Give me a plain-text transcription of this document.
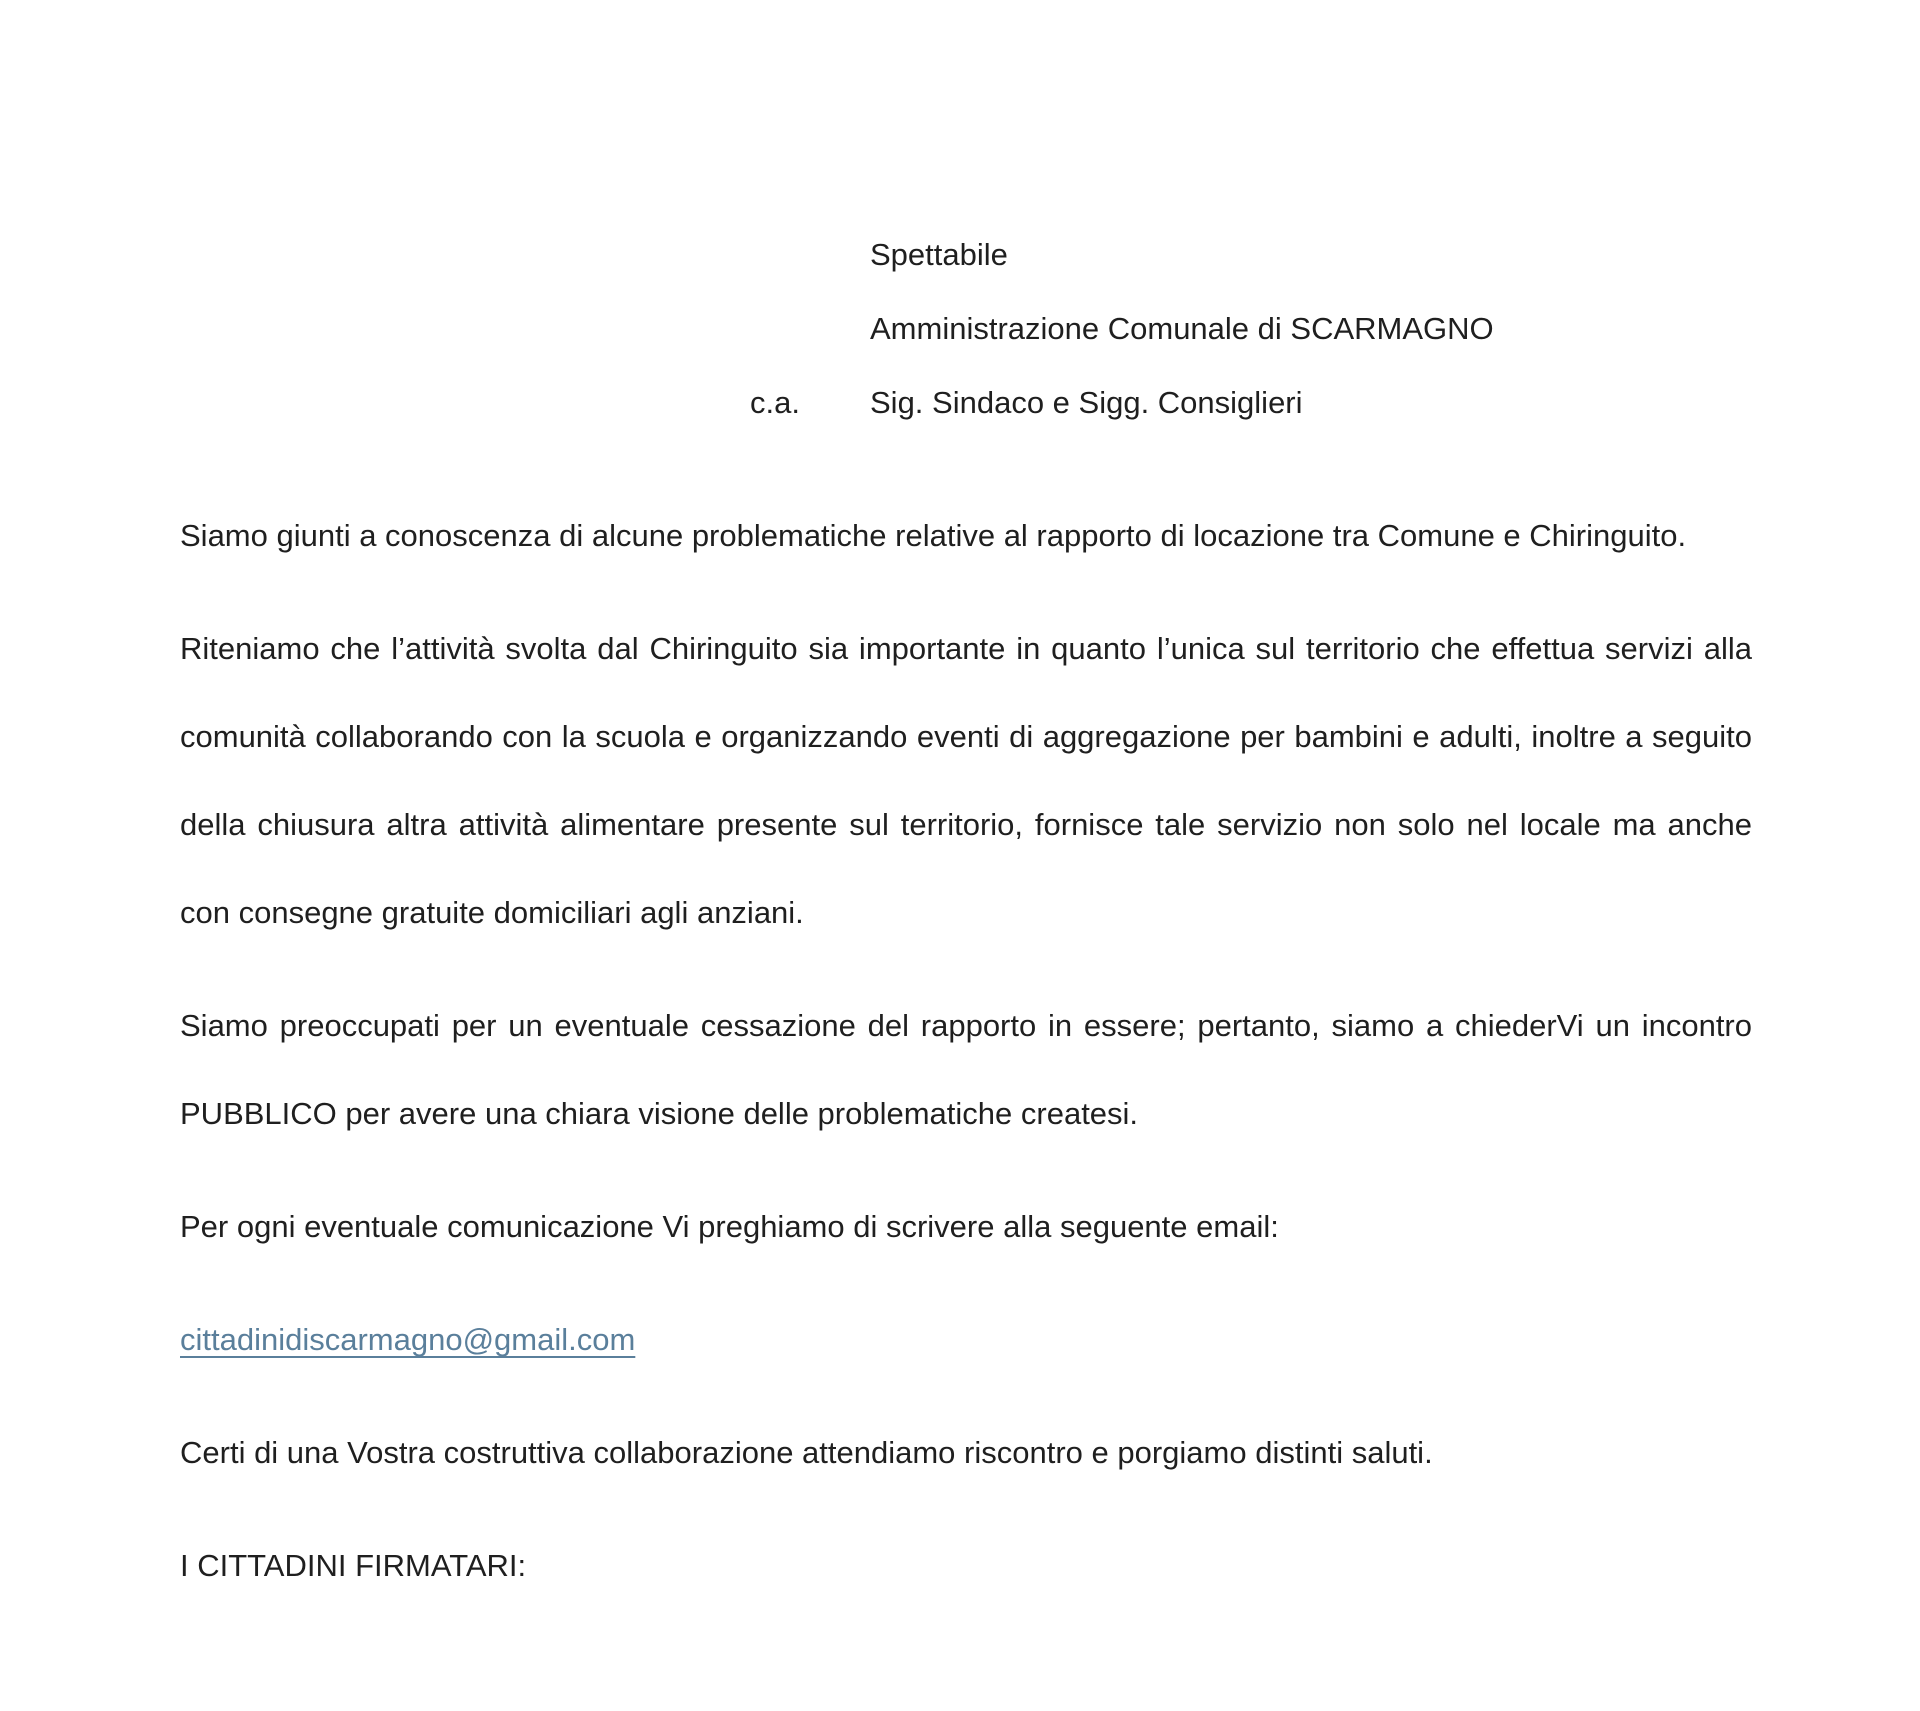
Spettabile
Amministrazione Comunale di SCARMAGNO
c.a. Sig. Sindaco e Sigg. Consiglieri

Siamo giunti a conoscenza di alcune problematiche relative al rapporto di locazione tra Comune e Chiringuito.

Riteniamo che l’attività svolta dal Chiringuito sia importante in quanto l’unica sul territorio che effettua servizi alla comunità collaborando con la scuola e organizzando eventi di aggregazione per bambini e adulti, inoltre a seguito della chiusura altra attività alimentare presente sul territorio, fornisce tale servizio non solo nel locale ma anche con consegne gratuite domiciliari agli anziani.

Siamo preoccupati per un eventuale cessazione del rapporto in essere; pertanto, siamo a chiederVi un incontro PUBBLICO per avere una chiara visione delle problematiche createsi.

Per ogni eventuale comunicazione Vi preghiamo di scrivere alla seguente email:

cittadinidiscarmagno@gmail.com

Certi di una Vostra costruttiva collaborazione attendiamo riscontro e porgiamo distinti saluti.

I CITTADINI FIRMATARI:
